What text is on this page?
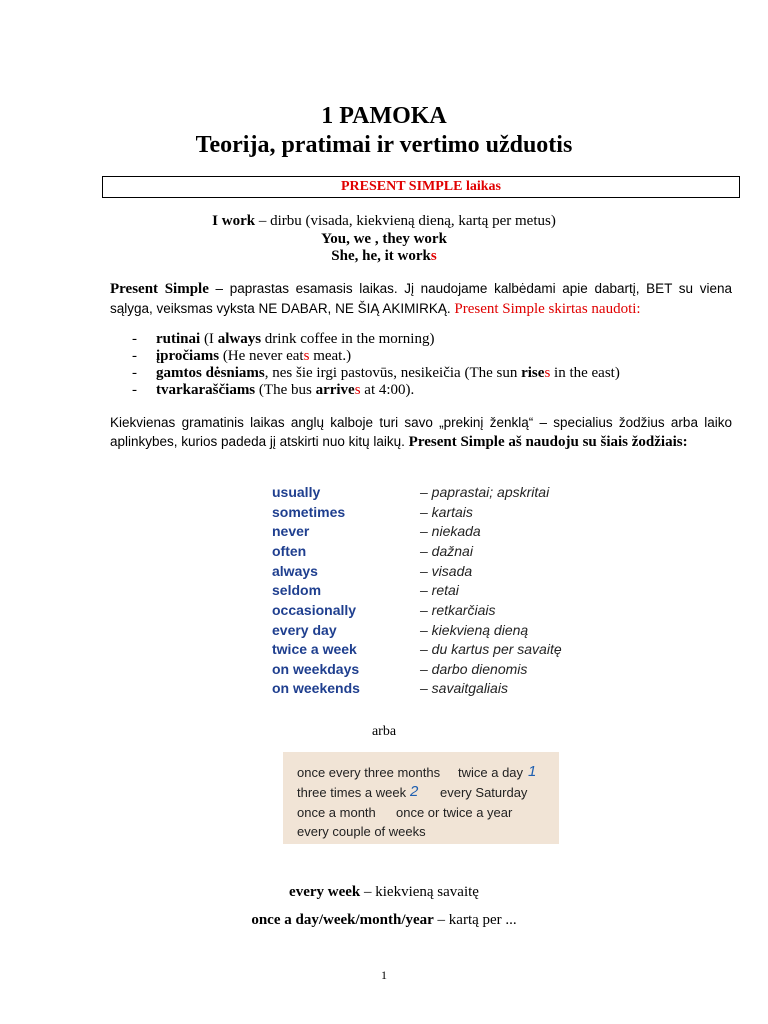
1 PAMOKA
Teorija, pratimai ir vertimo užduotis
PRESENT SIMPLE laikas
I work – dirbu (visada, kiekvieną dieną, kartą per metus)
You, we , they work
She, he, it works
Present Simple – paprastas esamasis laikas. Jį naudojame kalbėdami apie dabartį, BET su viena sąlyga, veiksmas vyksta NE DABAR, NE ŠIĄ AKIMIRKĄ. Present Simple skirtas naudoti:
- rutinai (I always drink coffee in the morning)
- įpročiams (He never eats meat.)
- gamtos dėsniams, nes šie irgi pastovūs, nesikeičia (The sun rises in the east)
- tvarkaraščiams (The bus arrives at 4:00).
Kiekvienas gramatinis laikas anglų kalboje turi savo „prekinį ženklą“ – specialius žodžius arba laiko aplinkybes, kurios padeda jį atskirti nuo kitų laikų. Present Simple aš naudoju su šiais žodžiais:
usually	– paprastai; apskritai
sometimes	– kartais
never	– niekada
often	– dažnai
always	– visada
seldom	– retai
occasionally	– retkarčiais
every day	– kiekvieną dieną
twice a week	– du kartus per savaitę
on weekdays	– darbo dienomis
on weekends	– savaitgaliais
arba
once every three months twice a day 1
three times a week 2 every Saturday
once a month once or twice a year
every couple of weeks
every week – kiekvieną savaitę
once a day/week/month/year – kartą per ...
1
